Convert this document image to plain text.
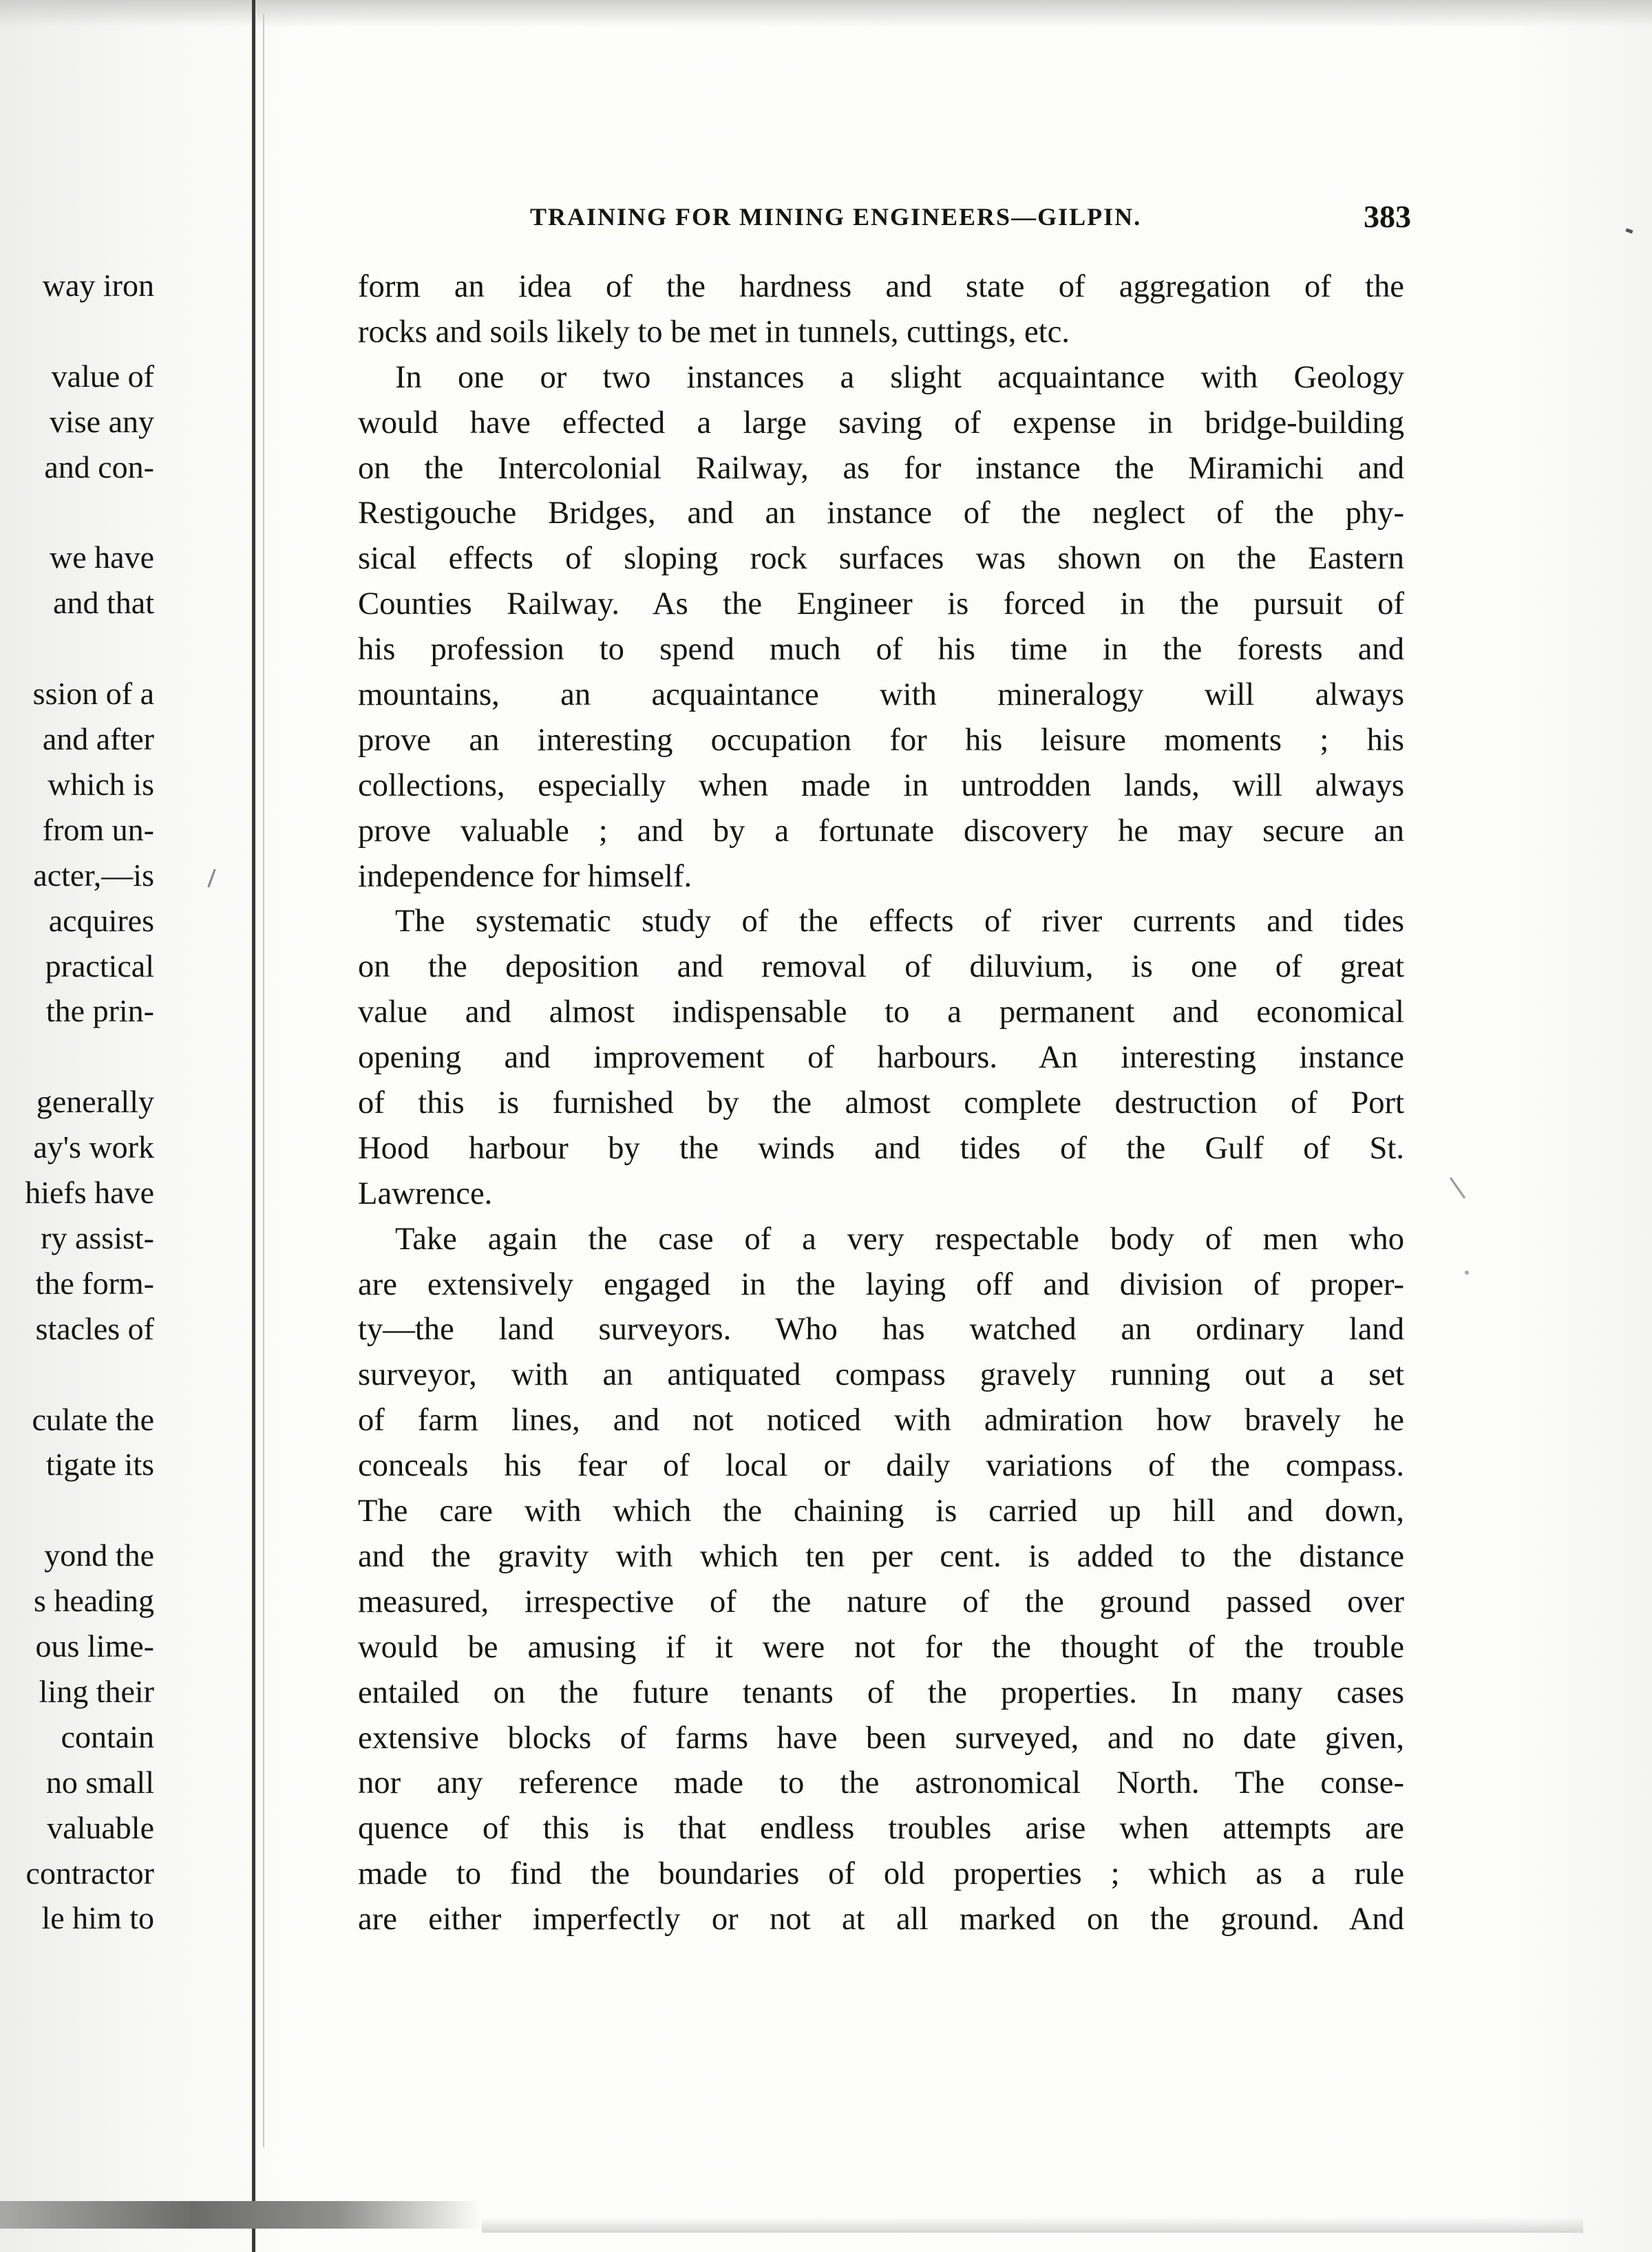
way iron
value of
vise any
and con-
we have
and that
ssion of a
and after
which is
from un-
acter,—is
acquires
practical
the prin-
generally
ay's work
hiefs have
ry assist-
the form-
stacles of
culate the
tigate its
yond the
s heading
ous lime-
ling their
contain
no small
valuable
contractor
le him to
TRAINING FOR MINING ENGINEERS—GILPIN.	383
form an idea of the hardness and state of aggregation of the
rocks and soils likely to be met in tunnels, cuttings, etc.
In one or two instances a slight acquaintance with Geology
would have effected a large saving of expense in bridge-building
on the Intercolonial Railway, as for instance the Miramichi and
Restigouche Bridges, and an instance of the neglect of the phy-
sical effects of sloping rock surfaces was shown on the Eastern
Counties Railway. As the Engineer is forced in the pursuit of
his profession to spend much of his time in the forests and
mountains, an acquaintance with mineralogy will always
prove an interesting occupation for his leisure moments ; his
collections, especially when made in untrodden lands, will always
prove valuable ; and by a fortunate discovery he may secure an
independence for himself.
The systematic study of the effects of river currents and tides
on the deposition and removal of diluvium, is one of great
value and almost indispensable to a permanent and economical
opening and improvement of harbours. An interesting instance
of this is furnished by the almost complete destruction of Port
Hood harbour by the winds and tides of the Gulf of St.
Lawrence.
Take again the case of a very respectable body of men who
are extensively engaged in the laying off and division of proper-
ty—the land surveyors. Who has watched an ordinary land
surveyor, with an antiquated compass gravely running out a set
of farm lines, and not noticed with admiration how bravely he
conceals his fear of local or daily variations of the compass.
The care with which the chaining is carried up hill and down,
and the gravity with which ten per cent. is added to the distance
measured, irrespective of the nature of the ground passed over
would be amusing if it were not for the thought of the trouble
entailed on the future tenants of the properties. In many cases
extensive blocks of farms have been surveyed, and no date given,
nor any reference made to the astronomical North. The conse-
quence of this is that endless troubles arise when attempts are
made to find the boundaries of old properties ; which as a rule
are either imperfectly or not at all marked on the ground. And
